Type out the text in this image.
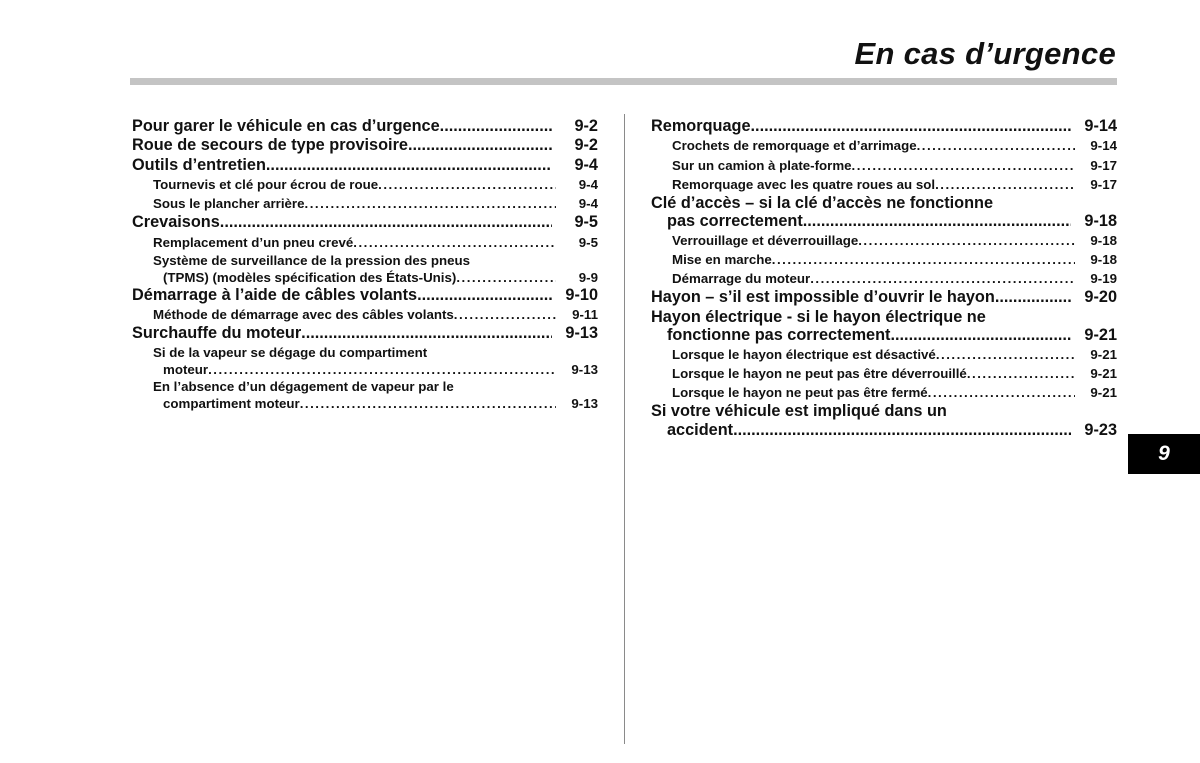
En cas d’urgence
9
Pour garer le véhicule en cas d’urgence .....	9-2
Roue de secours de type provisoire .....	9-2
Outils d’entretien .....	9-4
Tournevis et clé pour écrou de roue .....	9-4
Sous le plancher arrière .....	9-4
Crevaisons .....	9-5
Remplacement d’un pneu crevé .....	9-5
Système de surveillance de la pression des pneus
(TPMS) (modèles spécification des États-Unis) .....	9-9
Démarrage à l’aide de câbles volants .....	9-10
Méthode de démarrage avec des câbles volants .....	9-11
Surchauffe du moteur .....	9-13
Si de la vapeur se dégage du compartiment
moteur .....	9-13
En l’absence d’un dégagement de vapeur par le
compartiment moteur .....	9-13
Remorquage .....	9-14
Crochets de remorquage et d’arrimage .....	9-14
Sur un camion à plate-forme .....	9-17
Remorquage avec les quatre roues au sol .....	9-17
Clé d’accès – si la clé d’accès ne fonctionne
pas correctement .....	9-18
Verrouillage et déverrouillage .....	9-18
Mise en marche .....	9-18
Démarrage du moteur .....	9-19
Hayon – s’il est impossible d’ouvrir le hayon .....	9-20
Hayon électrique - si le hayon électrique ne
fonctionne pas correctement .....	9-21
Lorsque le hayon électrique est désactivé .....	9-21
Lorsque le hayon ne peut pas être déverrouillé .....	9-21
Lorsque le hayon ne peut pas être fermé .....	9-21
Si votre véhicule est impliqué dans un
accident .....	9-23
